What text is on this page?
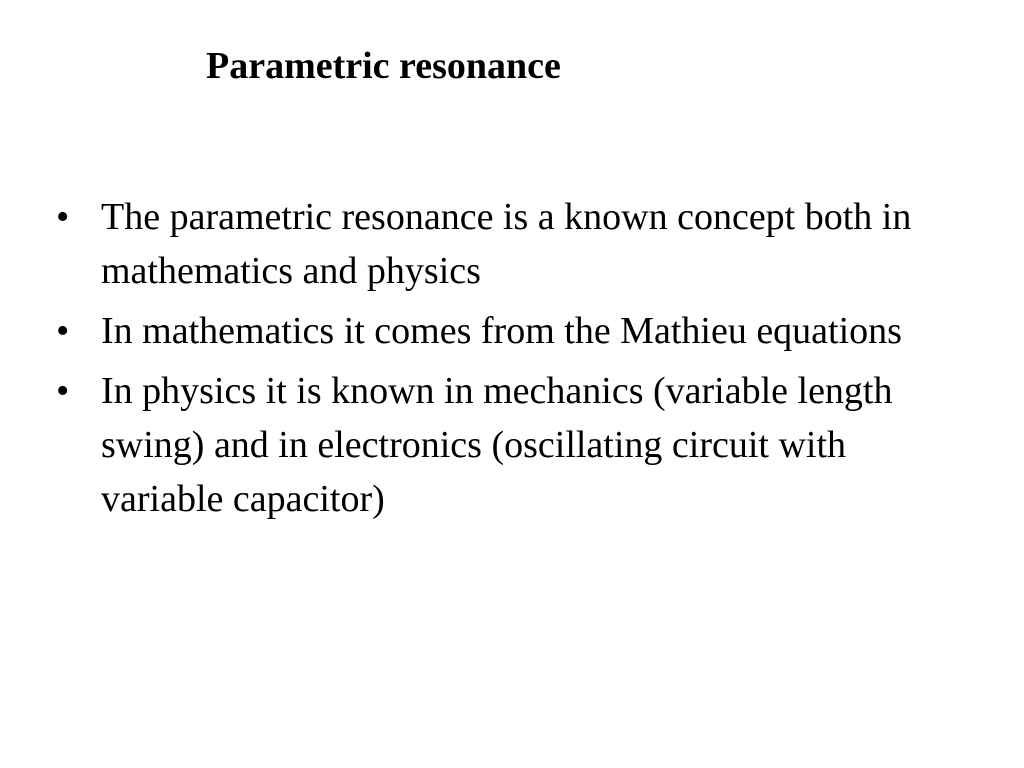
Parametric resonance
• The parametric resonance is a known concept both in mathematics and physics
• In mathematics it comes from the Mathieu equations
• In physics it is known in mechanics (variable length swing) and in electronics (oscillating circuit with variable capacitor)
